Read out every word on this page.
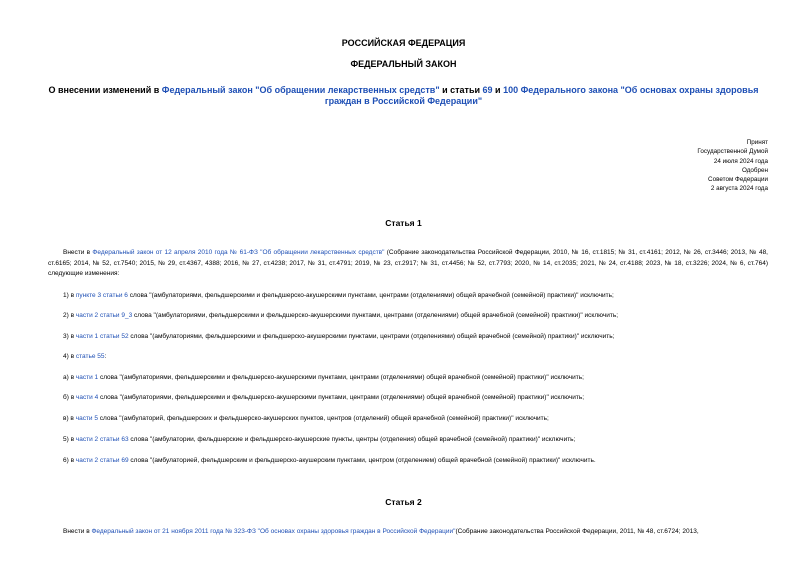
РОССИЙСКАЯ ФЕДЕРАЦИЯ
ФЕДЕРАЛЬНЫЙ ЗАКОН
О внесении изменений в Федеральный закон "Об обращении лекарственных средств" и статьи 69 и 100 Федерального закона "Об основах охраны здоровья граждан в Российской Федерации"
Принят
Государственной Думой
24 июля 2024 года
Одобрен
Советом Федерации
2 августа 2024 года
Статья 1
Внести в Федеральный закон от 12 апреля 2010 года № 61-ФЗ "Об обращении лекарственных средств" (Собрание законодательства Российской Федерации, 2010, № 16, ст.1815; № 31, ст.4161; 2012, № 26, ст.3446; 2013, № 48, ст.6165; 2014, № 52, ст.7540; 2015, № 29, ст.4367, 4388; 2016, № 27, ст.4238; 2017, № 31, ст.4791; 2019, № 23, ст.2917; № 31, ст.4456; № 52, ст.7793; 2020, № 14, ст.2035; 2021, № 24, ст.4188; 2023, № 18, ст.3226; 2024, № 6, ст.764) следующие изменения:
1) в пункте 3 статьи 6 слова "(амбулаториями, фельдшерскими и фельдшерско-акушерскими пунктами, центрами (отделениями) общей врачебной (семейной) практики)" исключить;
2) в части 2 статьи 9_3 слова "(амбулаториями, фельдшерскими и фельдшерско-акушерскими пунктами, центрами (отделениями) общей врачебной (семейной) практики)" исключить;
3) в части 1 статьи 52 слова "(амбулаториями, фельдшерскими и фельдшерско-акушерскими пунктами, центрами (отделениями) общей врачебной (семейной) практики)" исключить;
4) в статье 55:
а) в части 1 слова "(амбулаториями, фельдшерскими и фельдшерско-акушерскими пунктами, центрами (отделениями) общей врачебной (семейной) практики)" исключить;
б) в части 4 слова "(амбулаториями, фельдшерскими и фельдшерско-акушерскими пунктами, центрами (отделениями) общей врачебной (семейной) практики)" исключить;
в) в части 5 слова "(амбулаторий, фельдшерских и фельдшерско-акушерских пунктов, центров (отделений) общей врачебной (семейной) практики)" исключить;
5) в части 2 статьи 63 слова "(амбулатории, фельдшерские и фельдшерско-акушерские пункты, центры (отделения) общей врачебной (семейной) практики)" исключить;
6) в части 2 статьи 69 слова "(амбулаторией, фельдшерским и фельдшерско-акушерским пунктами, центром (отделением) общей врачебной (семейной) практики)" исключить.
Статья 2
Внести в Федеральный закон от 21 ноября 2011 года № 323-ФЗ "Об основах охраны здоровья граждан в Российской Федерации"(Собрание законодательства Российской Федерации, 2011, № 48, ст.6724; 2013,
